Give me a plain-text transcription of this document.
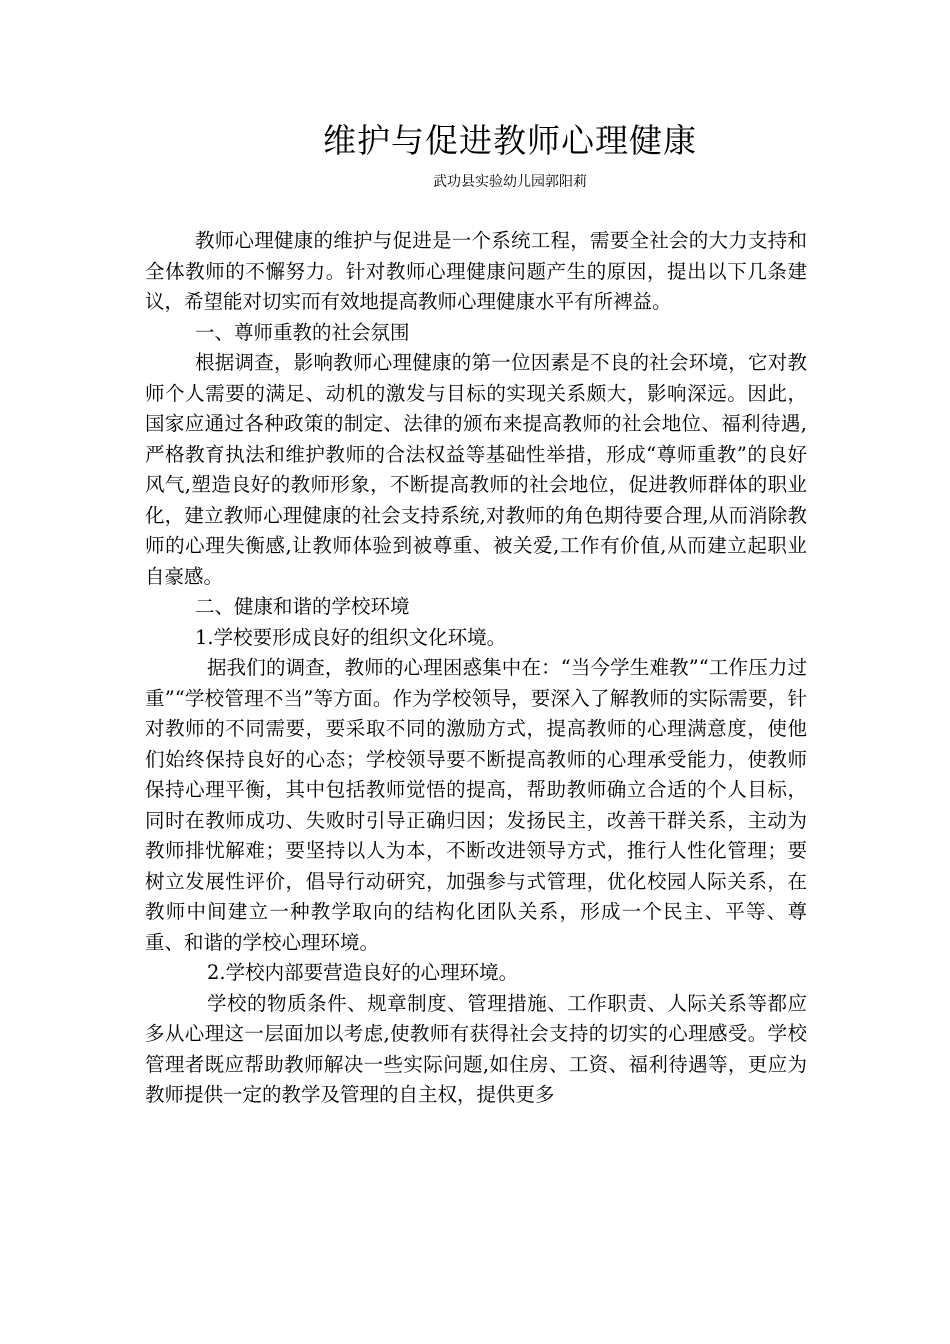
维护与促进教师心理健康
武功县实验幼儿园郭阳莉

教师心理健康的维护与促进是一个系统工程，需要全社会的大力支持和全体教师的不懈努力。针对教师心理健康问题产生的原因，提出以下几条建议，希望能对切实而有效地提高教师心理健康水平有所裨益。

一、尊师重教的社会氛围

根据调查，影响教师心理健康的第一位因素是不良的社会环境，它对教师个人需要的满足、动机的激发与目标的实现关系颇大，影响深远。因此，国家应通过各种政策的制定、法律的颁布来提高教师的社会地位、福利待遇,严格教育执法和维护教师的合法权益等基础性举措，形成“尊师重教”的良好风气,塑造良好的教师形象，不断提高教师的社会地位，促进教师群体的职业化，建立教师心理健康的社会支持系统,对教师的角色期待要合理,从而消除教师的心理失衡感,让教师体验到被尊重、被关爱,工作有价值,从而建立起职业自豪感。

二、健康和谐的学校环境

1.学校要形成良好的组织文化环境。

据我们的调查，教师的心理困惑集中在：“当今学生难教”“工作压力过重”“学校管理不当”等方面。作为学校领导，要深入了解教师的实际需要，针对教师的不同需要，要采取不同的激励方式，提高教师的心理满意度，使他们始终保持良好的心态；学校领导要不断提高教师的心理承受能力，使教师保持心理平衡，其中包括教师觉悟的提高，帮助教师确立合适的个人目标，同时在教师成功、失败时引导正确归因；发扬民主，改善干群关系，主动为教师排忧解难；要坚持以人为本，不断改进领导方式，推行人性化管理；要树立发展性评价，倡导行动研究，加强参与式管理，优化校园人际关系，在教师中间建立一种教学取向的结构化团队关系，形成一个民主、平等、尊重、和谐的学校心理环境。

2.学校内部要营造良好的心理环境。

学校的物质条件、规章制度、管理措施、工作职责、人际关系等都应多从心理这一层面加以考虑,使教师有获得社会支持的切实的心理感受。学校管理者既应帮助教师解决一些实际问题,如住房、工资、福利待遇等，更应为教师提供一定的教学及管理的自主权，提供更多
